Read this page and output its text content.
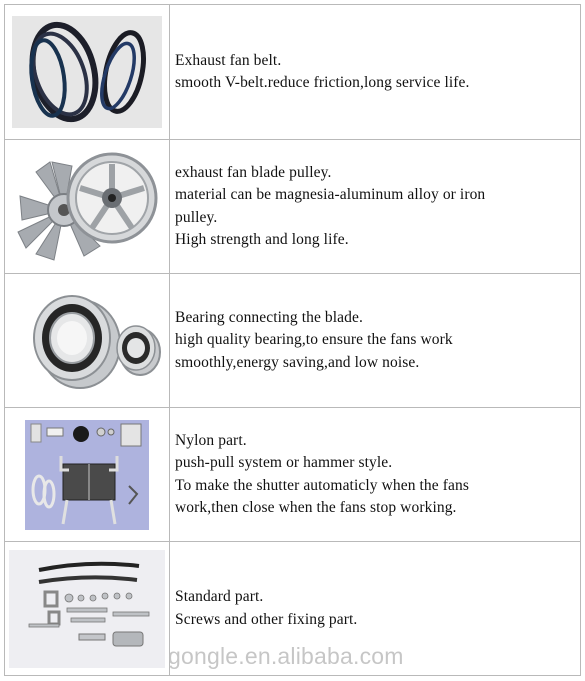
Exhaust fan belt.
smooth V-belt.reduce friction,long service life.

exhaust fan blade pulley.
material can be magnesia-aluminum alloy or iron
pulley.
High strength and long life.

Bearing connecting the blade.
high quality bearing,to ensure the fans work
smoothly,energy saving,and low noise.

Nylon part.
push-pull system or hammer style.
To make the shutter automaticly when the fans
work,then close when the fans stop working.

Standard part.
Screws and other fixing part.
gongle.en.alibaba.com
